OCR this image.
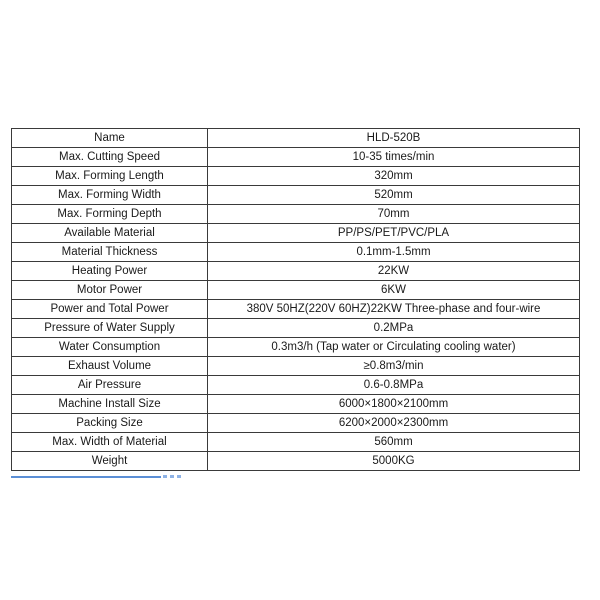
Name	HLD-520B
Max. Cutting Speed	10-35 times/min
Max. Forming Length	320mm
Max. Forming Width	520mm
Max. Forming Depth	70mm
Available Material	PP/PS/PET/PVC/PLA
Material Thickness	0.1mm-1.5mm
Heating Power	22KW
Motor Power	6KW
Power and Total Power	380V 50HZ(220V 60HZ)22KW Three-phase and four-wire
Pressure of Water Supply	0.2MPa
Water Consumption	0.3m3/h (Tap water or Circulating cooling water)
Exhaust Volume	≥0.8m3/min
Air Pressure	0.6-0.8MPa
Machine Install Size	6000×1800×2100mm
Packing Size	6200×2000×2300mm
Max. Width of Material	560mm
Weight	5000KG
